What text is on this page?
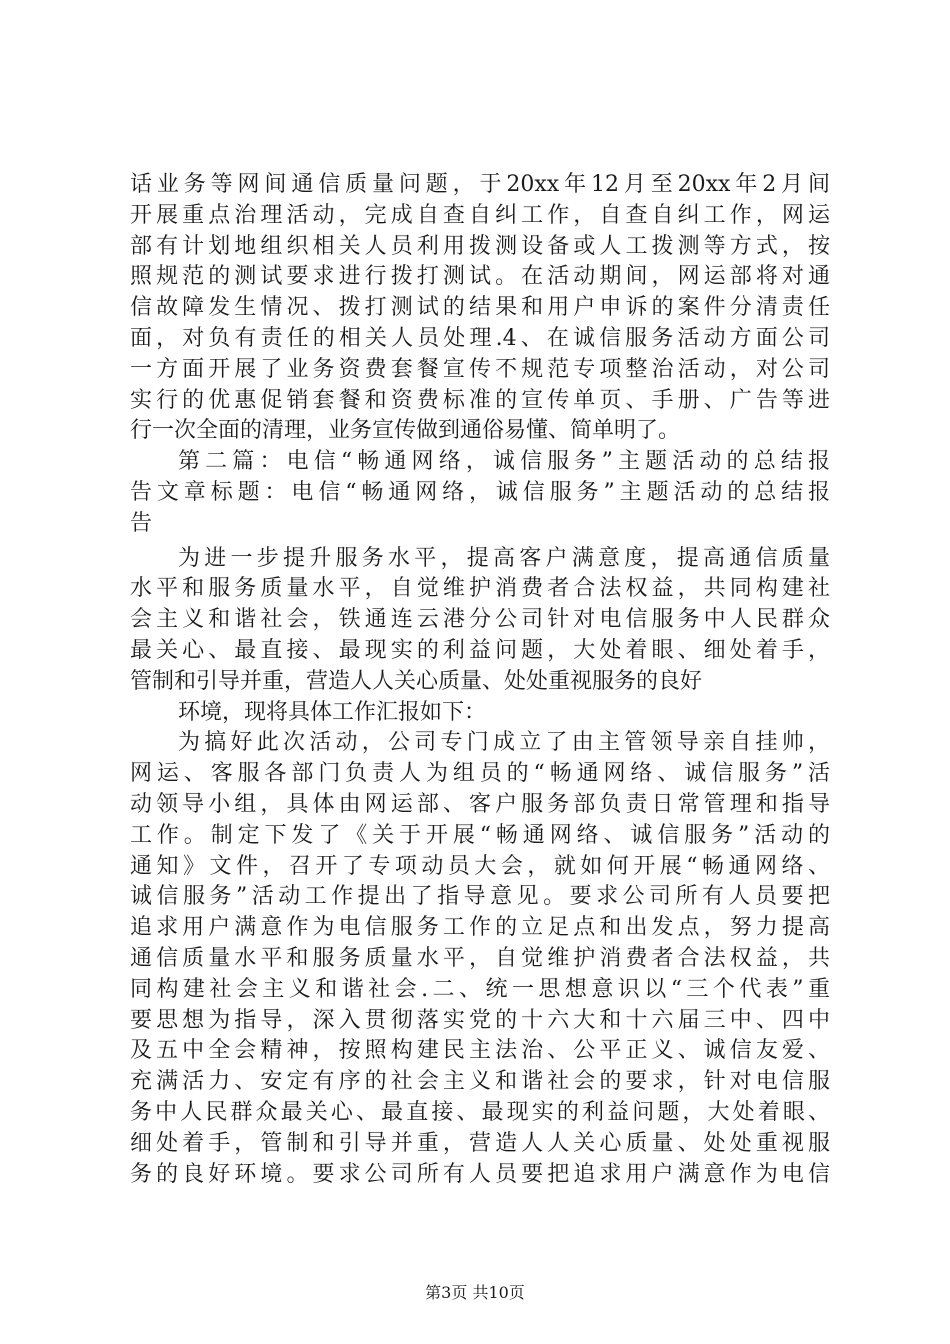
话业务等网间通信质量问题，于20xx年12月至20xx年2月间
开展重点治理活动，完成自查自纠工作，自查自纠工作，网运
部有计划地组织相关人员利用拨测设备或人工拨测等方式，按
照规范的测试要求进行拨打测试。在活动期间，网运部将对通
信故障发生情况、拨打测试的结果和用户申诉的案件分清责任
面，对负有责任的相关人员处理.4、在诚信服务活动方面公司
一方面开展了业务资费套餐宣传不规范专项整治活动，对公司
实行的优惠促销套餐和资费标准的宣传单页、手册、广告等进
行一次全面的清理，业务宣传做到通俗易懂、简单明了。
第二篇：电信“畅通网络，诚信服务”主题活动的总结报
告文章标题：电信“畅通网络，诚信服务”主题活动的总结报
告
为进一步提升服务水平，提高客户满意度，提高通信质量
水平和服务质量水平，自觉维护消费者合法权益，共同构建社
会主义和谐社会，铁通连云港分公司针对电信服务中人民群众
最关心、最直接、最现实的利益问题，大处着眼、细处着手，
管制和引导并重，营造人人关心质量、处处重视服务的良好
环境，现将具体工作汇报如下：
为搞好此次活动，公司专门成立了由主管领导亲自挂帅，
网运、客服各部门负责人为组员的“畅通网络、诚信服务”活
动领导小组，具体由网运部、客户服务部负责日常管理和指导
工作。制定下发了《关于开展“畅通网络、诚信服务”活动的
通知》文件，召开了专项动员大会，就如何开展“畅通网络、
诚信服务”活动工作提出了指导意见。要求公司所有人员要把
追求用户满意作为电信服务工作的立足点和出发点，努力提高
通信质量水平和服务质量水平，自觉维护消费者合法权益，共
同构建社会主义和谐社会.二、统一思想意识以“三个代表”重
要思想为指导，深入贯彻落实党的十六大和十六届三中、四中
及五中全会精神，按照构建民主法治、公平正义、诚信友爱、
充满活力、安定有序的社会主义和谐社会的要求，针对电信服
务中人民群众最关心、最直接、最现实的利益问题，大处着眼、
细处着手，管制和引导并重，营造人人关心质量、处处重视服
务的良好环境。要求公司所有人员要把追求用户满意作为电信
第3页 共10页
